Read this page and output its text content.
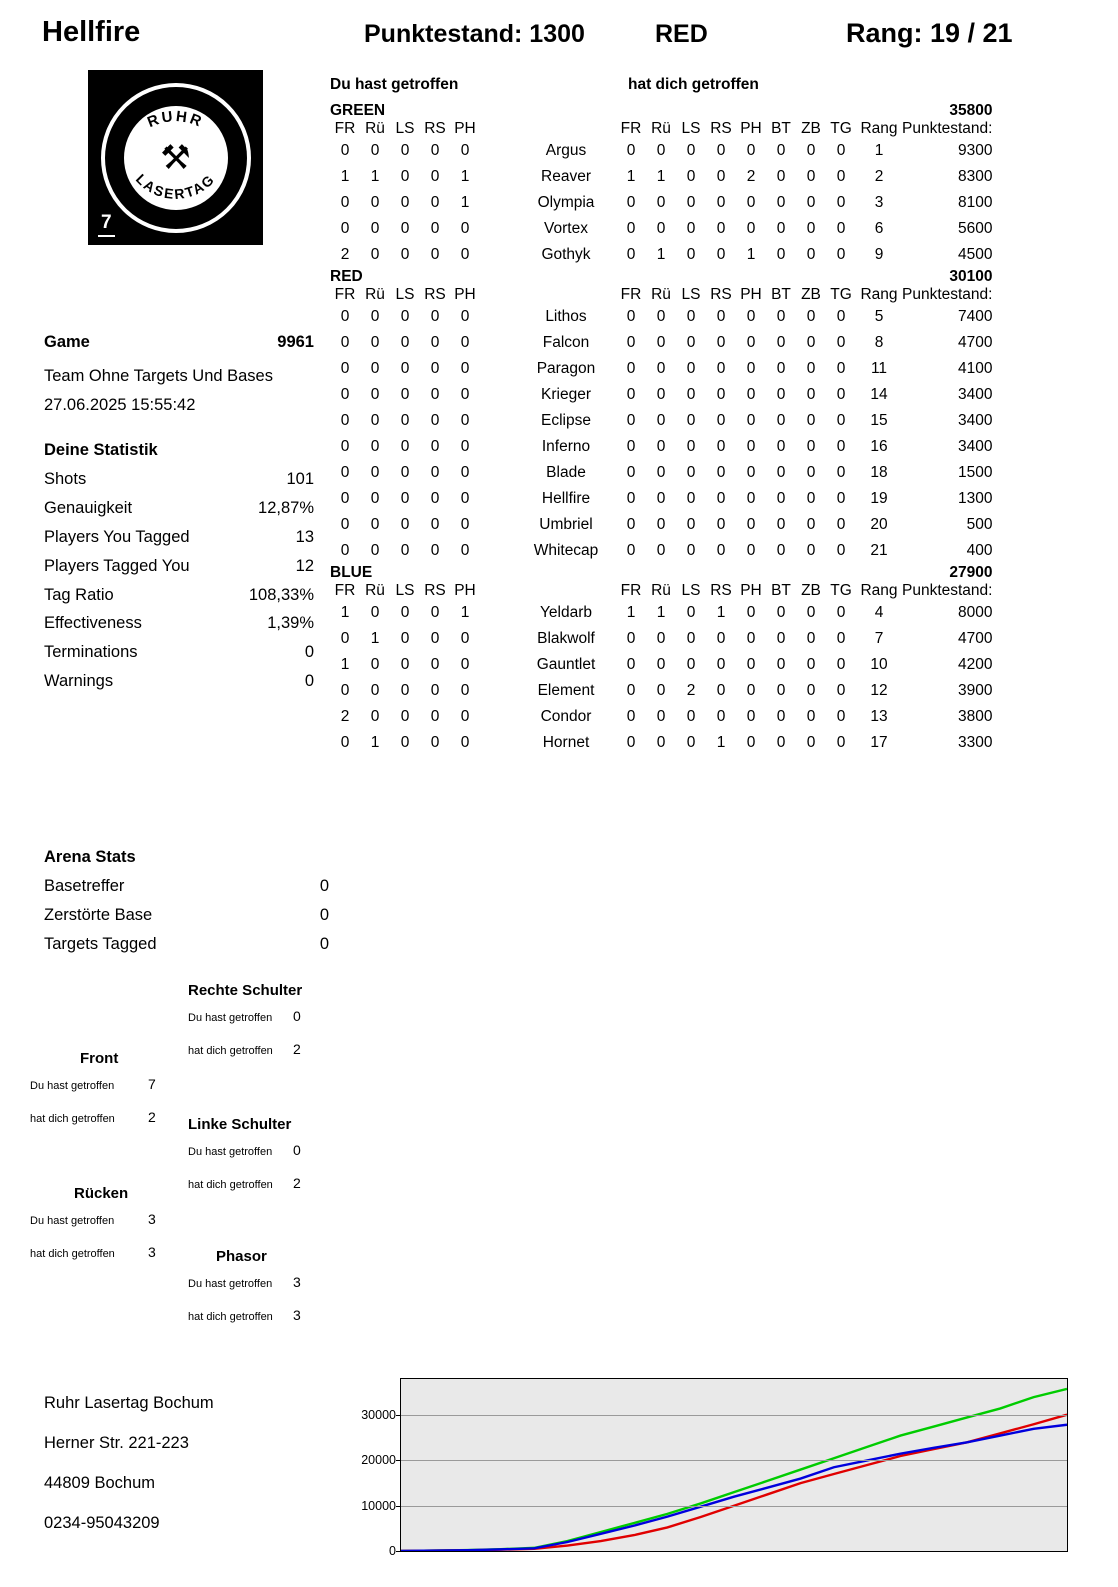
Hellfire	Punktestand: 1300	RED	Rang: 19 / 21
RUHR
LASERTAG
⚒
7
Game	9961
Team Ohne Targets Und Bases
27.06.2025 15:55:42
Deine Statistik
Shots	101
Genauigkeit	12,87%
Players You Tagged	13
Players Tagged You	12
Tag Ratio	108,33%
Effectiveness	1,39%
Terminations	0
Warnings	0
Arena Stats
Basetreffer	0
Zerstörte Base	0
Targets Tagged	0
Rechte Schulter
Du hast getroffen	0
hat dich getroffen	2
Front
Du hast getroffen	7
hat dich getroffen	2 Linke Schulter
Du hast getroffen	0
hat dich getroffen	2
Rücken
Du hast getroffen	3
hat dich getroffen	3	Phasor
Du hast getroffen	3
hat dich getroffen	3
Du hast getroffen	hat dich getroffen
GREEN								35800								
FR	Rü	LS	RS	PH			FR	Rü	LS	RS	PH	BT	ZB	TG	Rang	Punktestand:
0	0	0	0	0		Argus	0	0	0	0	0	0	0	0	1	9300
1	1	0	0	1		Reaver	1	1	0	0	2	0	0	0	2	8300
0	0	0	0	1		Olympia	0	0	0	0	0	0	0	0	3	8100
0	0	0	0	0		Vortex	0	0	0	0	0	0	0	0	6	5600
2	0	0	0	0		Gothyk	0	1	0	0	1	0	0	0	9	4500
RED								30100								
FR	Rü	LS	RS	PH			FR	Rü	LS	RS	PH	BT	ZB	TG	Rang	Punktestand:
0	0	0	0	0		Lithos	0	0	0	0	0	0	0	0	5	7400
0	0	0	0	0		Falcon	0	0	0	0	0	0	0	0	8	4700
0	0	0	0	0		Paragon	0	0	0	0	0	0	0	0	11	4100
0	0	0	0	0		Krieger	0	0	0	0	0	0	0	0	14	3400
0	0	0	0	0		Eclipse	0	0	0	0	0	0	0	0	15	3400
0	0	0	0	0		Inferno	0	0	0	0	0	0	0	0	16	3400
0	0	0	0	0		Blade	0	0	0	0	0	0	0	0	18	1500
0	0	0	0	0		Hellfire	0	0	0	0	0	0	0	0	19	1300
0	0	0	0	0		Umbriel	0	0	0	0	0	0	0	0	20	500
0	0	0	0	0		Whitecap	0	0	0	0	0	0	0	0	21	400
BLUE								27900								
FR	Rü	LS	RS	PH			FR	Rü	LS	RS	PH	BT	ZB	TG	Rang	Punktestand:
1	0	0	0	1		Yeldarb	1	1	0	1	0	0	0	0	4	8000
0	1	0	0	0		Blakwolf	0	0	0	0	0	0	0	0	7	4700
1	0	0	0	0		Gauntlet	0	0	0	0	0	0	0	0	10	4200
0	0	0	0	0		Element	0	0	2	0	0	0	0	0	12	3900
2	0	0	0	0		Condor	0	0	0	0	0	0	0	0	13	3800
0	1	0	0	0		Hornet	0	0	0	1	0	0	0	0	17	3300
Ruhr Lasertag Bochum
Herner Str. 221-223
44809 Bochum
0234-95043209
0
10000
20000
30000
